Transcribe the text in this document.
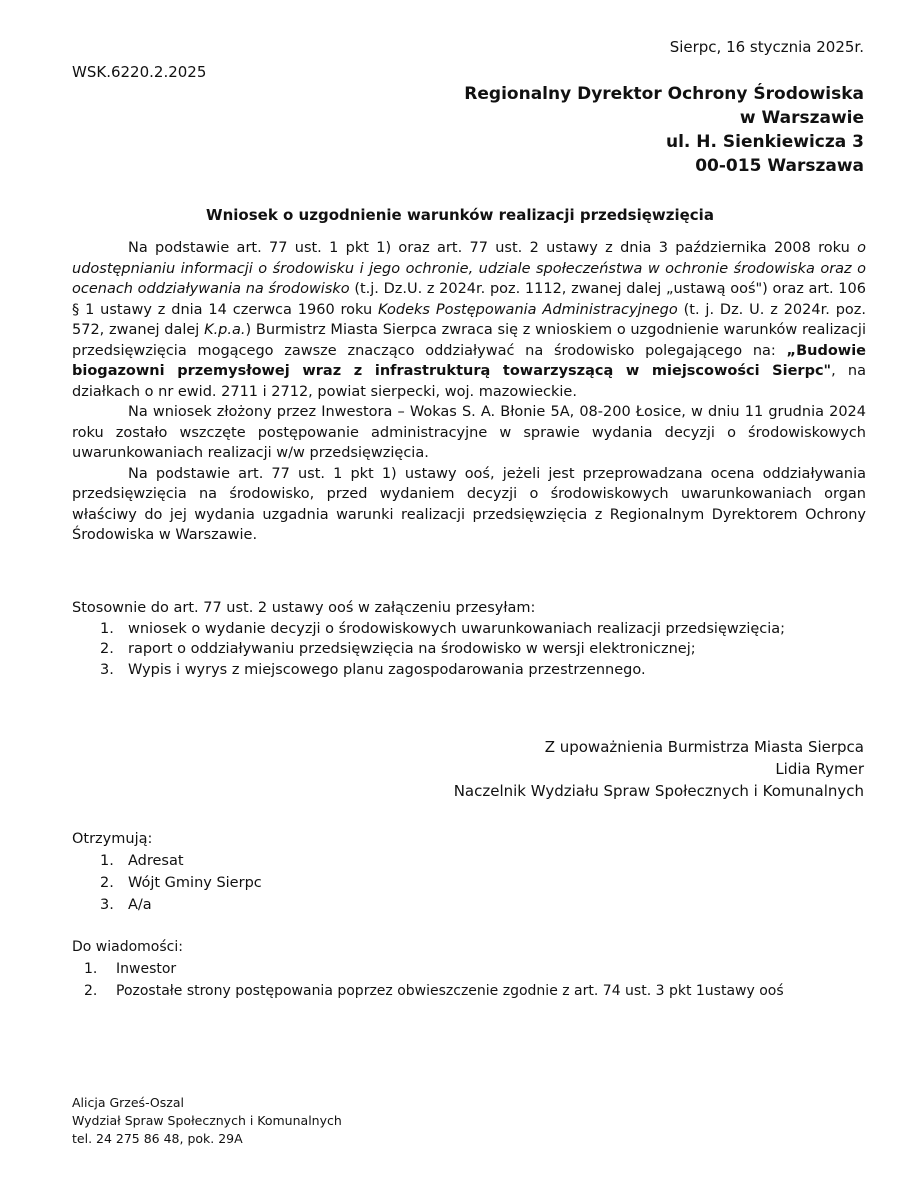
Sierpc, 16 stycznia 2025r.
WSK.6220.2.2025
Regionalny Dyrektor Ochrony Środowiska
w Warszawie
ul. H. Sienkiewicza 3
00-015 Warszawa
Wniosek o uzgodnienie warunków realizacji przedsięwzięcia

Na podstawie art. 77 ust. 1 pkt 1) oraz art. 77 ust. 2 ustawy z dnia 3 października 2008 roku o udostępnianiu informacji o środowisku i jego ochronie, udziale społeczeństwa w ochronie środowiska oraz o ocenach oddziaływania na środowisko (t.j. Dz.U. z 2024r. poz. 1112, zwanej dalej „ustawą ooś") oraz art. 106 § 1 ustawy z dnia 14 czerwca 1960 roku Kodeks Postępowania Administracyjnego (t. j. Dz. U. z 2024r. poz. 572, zwanej dalej K.p.a.) Burmistrz Miasta Sierpca zwraca się z wnioskiem o uzgodnienie warunków realizacji przedsięwzięcia mogącego zawsze znacząco oddziaływać na środowisko polegającego na: „Budowie biogazowni przemysłowej wraz z infrastrukturą towarzyszącą w miejscowości Sierpc", na działkach o nr ewid. 2711 i 2712, powiat sierpecki, woj. mazowieckie.

Na wniosek złożony przez Inwestora – Wokas S. A. Błonie 5A, 08-200 Łosice, w dniu 11 grudnia 2024 roku zostało wszczęte postępowanie administracyjne w sprawie wydania decyzji o środowiskowych uwarunkowaniach realizacji w/w przedsięwzięcia.

Na podstawie art. 77 ust. 1 pkt 1) ustawy ooś, jeżeli jest przeprowadzana ocena oddziaływania przedsięwzięcia na środowisko, przed wydaniem decyzji o środowiskowych uwarunkowaniach organ właściwy do jej wydania uzgadnia warunki realizacji przedsięwzięcia z Regionalnym Dyrektorem Ochrony Środowiska w Warszawie.

Stosownie do art. 77 ust. 2 ustawy ooś w załączeniu przesyłam:
1. wniosek o wydanie decyzji o środowiskowych uwarunkowaniach realizacji przedsięwzięcia;
2. raport o oddziaływaniu przedsięwzięcia na środowisko w wersji elektronicznej;
3. Wypis i wyrys z miejscowego planu zagospodarowania przestrzennego.
Z upoważnienia Burmistrza Miasta Sierpca
Lidia Rymer
Naczelnik Wydziału Spraw Społecznych i Komunalnych
Otrzymują:
1. Adresat
2. Wójt Gminy Sierpc
3. A/a
Do wiadomości:
1. Inwestor
2. Pozostałe strony postępowania poprzez obwieszczenie zgodnie z art. 74 ust. 3 pkt 1ustawy ooś
Alicja Grześ-Oszal
Wydział Spraw Społecznych i Komunalnych
tel. 24 275 86 48, pok. 29A
